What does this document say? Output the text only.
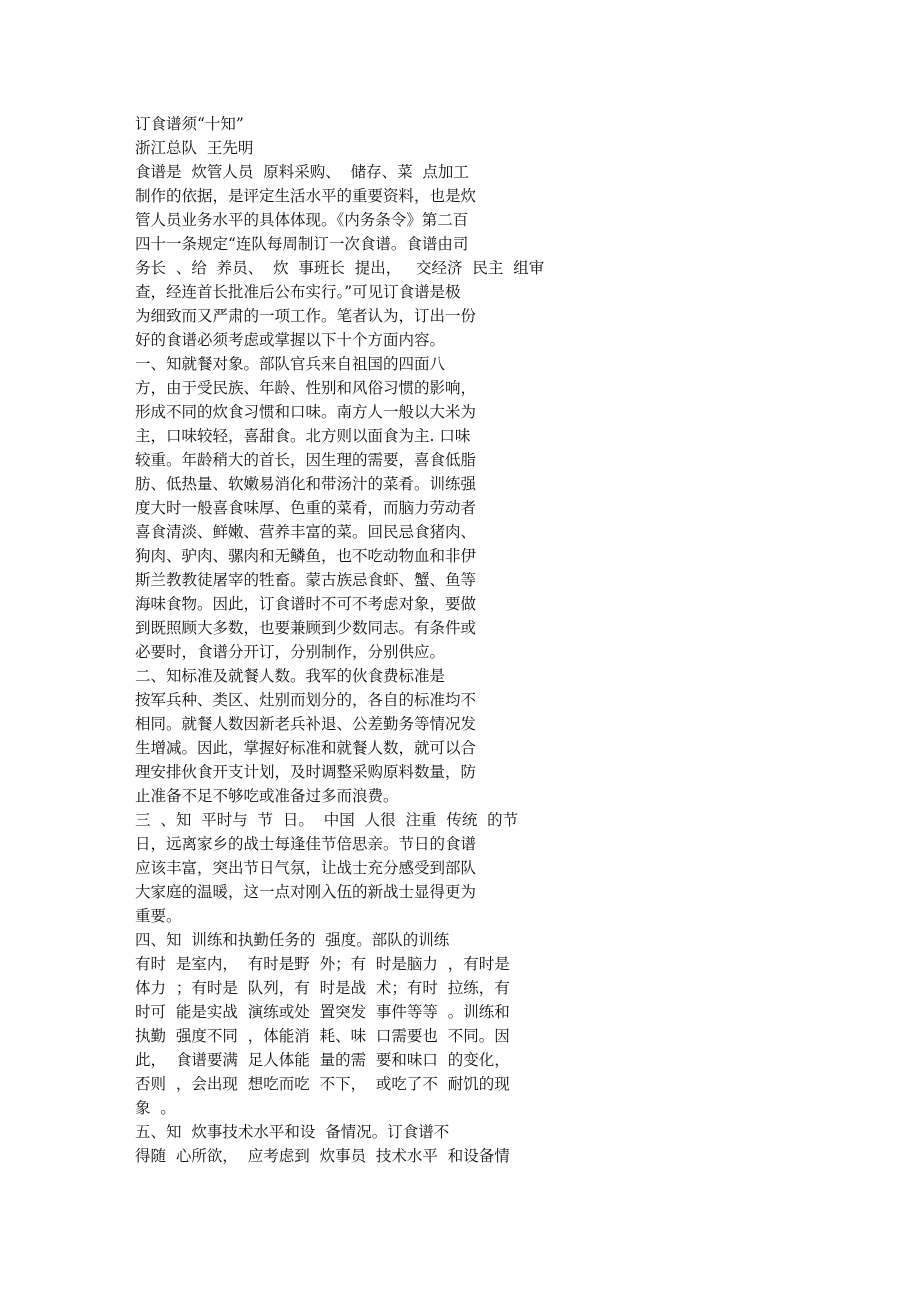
订食谱须“十知”
浙江总队  王先明
食谱是  炊管人员  原料采购、  储存、菜  点加工
制作的依据，是评定生活水平的重要资料，也是炊
管人员业务水平的具体体现。《内务条令》第二百
四十一条规定“连队每周制订一次食谱。食谱由司
务长  、给  养员、  炊  事班长  提出，   交经济  民主  组审
查，经连首长批准后公布实行。”可见订食谱是极
为细致而又严肃的一项工作。笔者认为，订出一份
好的食谱必须考虑或掌握以下十个方面内容。
一、知就餐对象。部队官兵来自祖国的四面八
方，由于受民族、年龄、性别和风俗习惯的影响，
形成不同的炊食习惯和口味。南方人一般以大米为
主，口味较轻，喜甜食。北方则以面食为主. 口味
较重。年龄稍大的首长，因生理的需要，喜食低脂
肪、低热量、软嫩易消化和带汤汁的菜肴。训练强
度大时一般喜食味厚、色重的菜肴，而脑力劳动者
喜食清淡、鲜嫩、营养丰富的菜。回民忌食猪肉、
狗肉、驴肉、骡肉和无鳞鱼，也不吃动物血和非伊
斯兰教教徒屠宰的牲畜。蒙古族忌食虾、蟹、鱼等
海味食物。因此，订食谱时不可不考虑对象，要做
到既照顾大多数，也要兼顾到少数同志。有条件或
必要时，食谱分开订，分别制作，分别供应。
二、知标准及就餐人数。我军的伙食费标准是
按军兵种、类区、灶别而划分的，各自的标准均不
相同。就餐人数因新老兵补退、公差勤务等情况发
生增减。因此，掌握好标准和就餐人数，就可以合
理安排伙食开支计划，及时调整采购原料数量，防
止准备不足不够吃或准备过多而浪费。
三  、知  平时与  节  日。  中国  人很  注重  传统  的节
日，远离家乡的战士每逢佳节倍思亲。节日的食谱
应该丰富，突出节日气氛，让战士充分感受到部队
大家庭的温暖，这一点对刚入伍的新战士显得更为
重要。
四、知  训练和执勤任务的  强度。部队的训练
有时  是室内，  有时是野  外；有  时是脑力  ，有时是
体力  ；有时是  队列，有  时是战  术；有时  拉练，有
时可  能是实战  演练或处  置突发  事件等等  。训练和
执勤  强度不同  ，体能消  耗、味  口需要也  不同。因
此，  食谱要满  足人体能  量的需  要和味口  的变化，
否则  ，会出现  想吃而吃  不下，  或吃了不  耐饥的现
象  。
五、知  炊事技术水平和设  备情况。订食谱不
得随  心所欲，  应考虑到  炊事员  技术水平  和设备情
